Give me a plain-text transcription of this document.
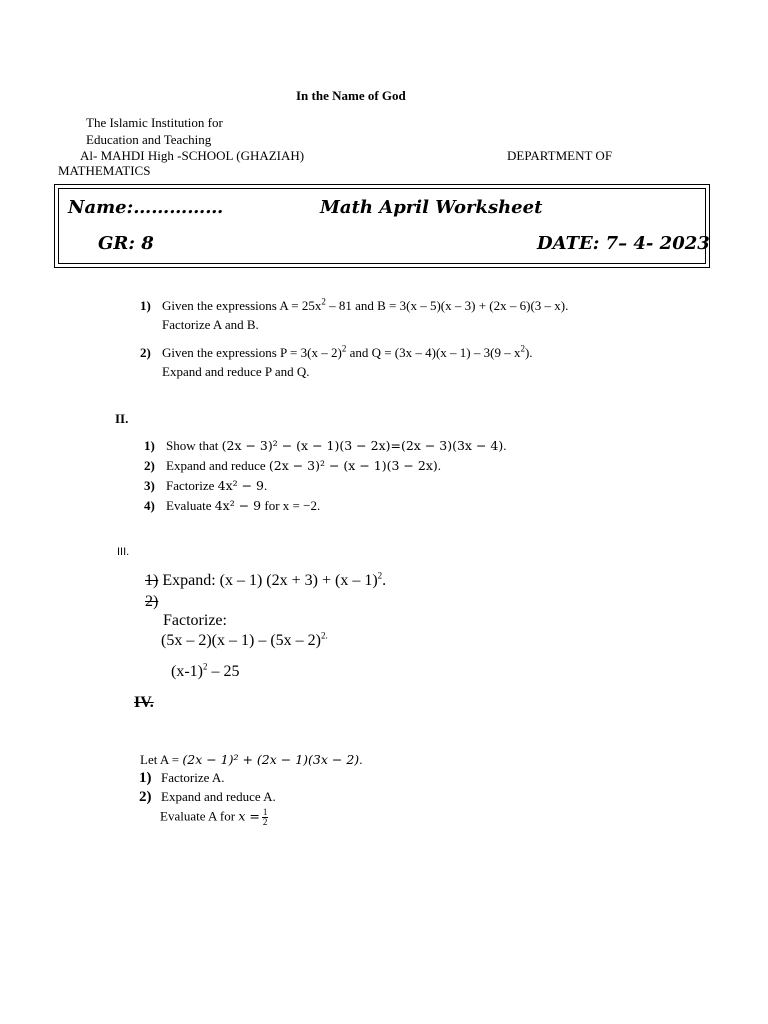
In the Name of God
The Islamic Institution for
Education and Teaching
Al- MAHDI High -SCHOOL (GHAZIAH)	DEPARTMENT OF
MATHEMATICS
Name:……………	Math April Worksheet
GR: 8	DATE: 7– 4- 2023
1) Given the expressions $A = 25x^2 - 81$ and B = 3(x – 5)(x – 3) + (2x – 6)(3 – x).
Factorize A and B.
2) Given the expressions P = 3(x – 2)$^2$ and $Q = (3x - 4)(x - 1) - 3(9 - x^2)$.
Expand and reduce P and Q.
II.
1) Show that (2x − 3)² − (x − 1)(3 − 2x)=(2x − 3)(3x − 4).
2) Expand and reduce (2x − 3)² − (x − 1)(3 − 2x).
3) Factorize 4x² − 9.
4) Evaluate 4x² − 9 for x = −2.
III.
1) Expand: (x – 1) (2x + 3) + (x – 1)$^2$.
2)
Factorize:
(5x – 2)(x – 1) – (5x – 2)$^{2.}$
$(x-1)^2 - 25$
IV.
Let A = (2x − 1)² + (2x − 1)(3x − 2).
1) Factorize A.
2) Expand and reduce A.
Evaluate A for $x = \frac{1}{2}$
